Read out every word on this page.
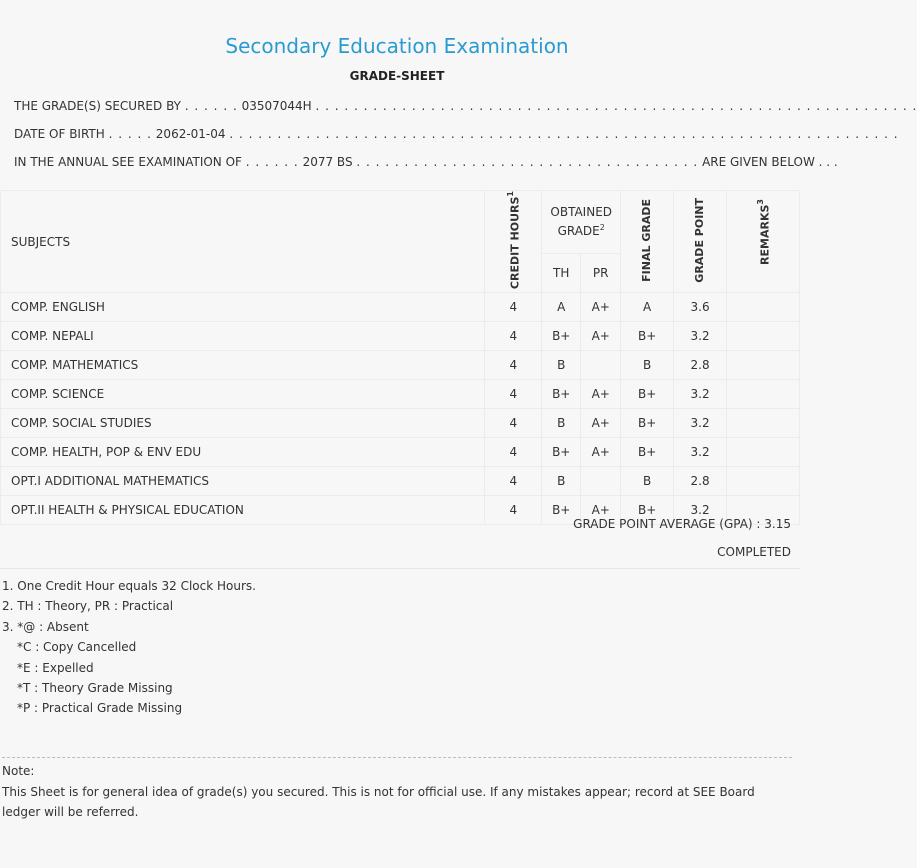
Secondary Education Examination
GRADE-SHEET
THE GRADE(S) SECURED BY . . . . . . 03507044H . . . . . . . . . . . . . . . . . . . . . . . . . . . . . . . . . . . . . . . . . . . . . . . . . . . . . . . . . . . . . . .
DATE OF BIRTH . . . . . 2062-01-04 . . . . . . . . . . . . . . . . . . . . . . . . . . . . . . . . . . . . . . . . . . . . . . . . . . . . . . . . . . . . . . . . . . . . . .
IN THE ANNUAL SEE EXAMINATION OF . . . . . . 2077 BS . . . . . . . . . . . . . . . . . . . . . . . . . . . . . . . . . . . . ARE GIVEN BELOW . . .
SUBJECTS	CREDIT HOURS$^1$	OBTAINED GRADE$^2$		FINAL GRADE	GRADE POINT	REMARKS$^3$
		TH	PR			
COMP. ENGLISH	4	A	A+	A	3.6	
COMP. NEPALI	4	B+	A+	B+	3.2	
COMP. MATHEMATICS	4	B		B	2.8	
COMP. SCIENCE	4	B+	A+	B+	3.2	
COMP. SOCIAL STUDIES	4	B	A+	B+	3.2	
COMP. HEALTH, POP & ENV EDU	4	B+	A+	B+	3.2	
OPT.I ADDITIONAL MATHEMATICS	4	B		B	2.8	
OPT.II HEALTH & PHYSICAL EDUCATION	4	B+	A+	B+	3.2	
GRADE POINT AVERAGE (GPA) : 3.15
COMPLETED
1. One Credit Hour equals 32 Clock Hours.
2. TH : Theory, PR : Practical
3. *@ : Absent
*C : Copy Cancelled
*E : Expelled
*T : Theory Grade Missing
*P : Practical Grade Missing
Note:
This Sheet is for general idea of grade(s) you secured. This is not for official use. If any mistakes appear; record at SEE Board ledger will be referred.
